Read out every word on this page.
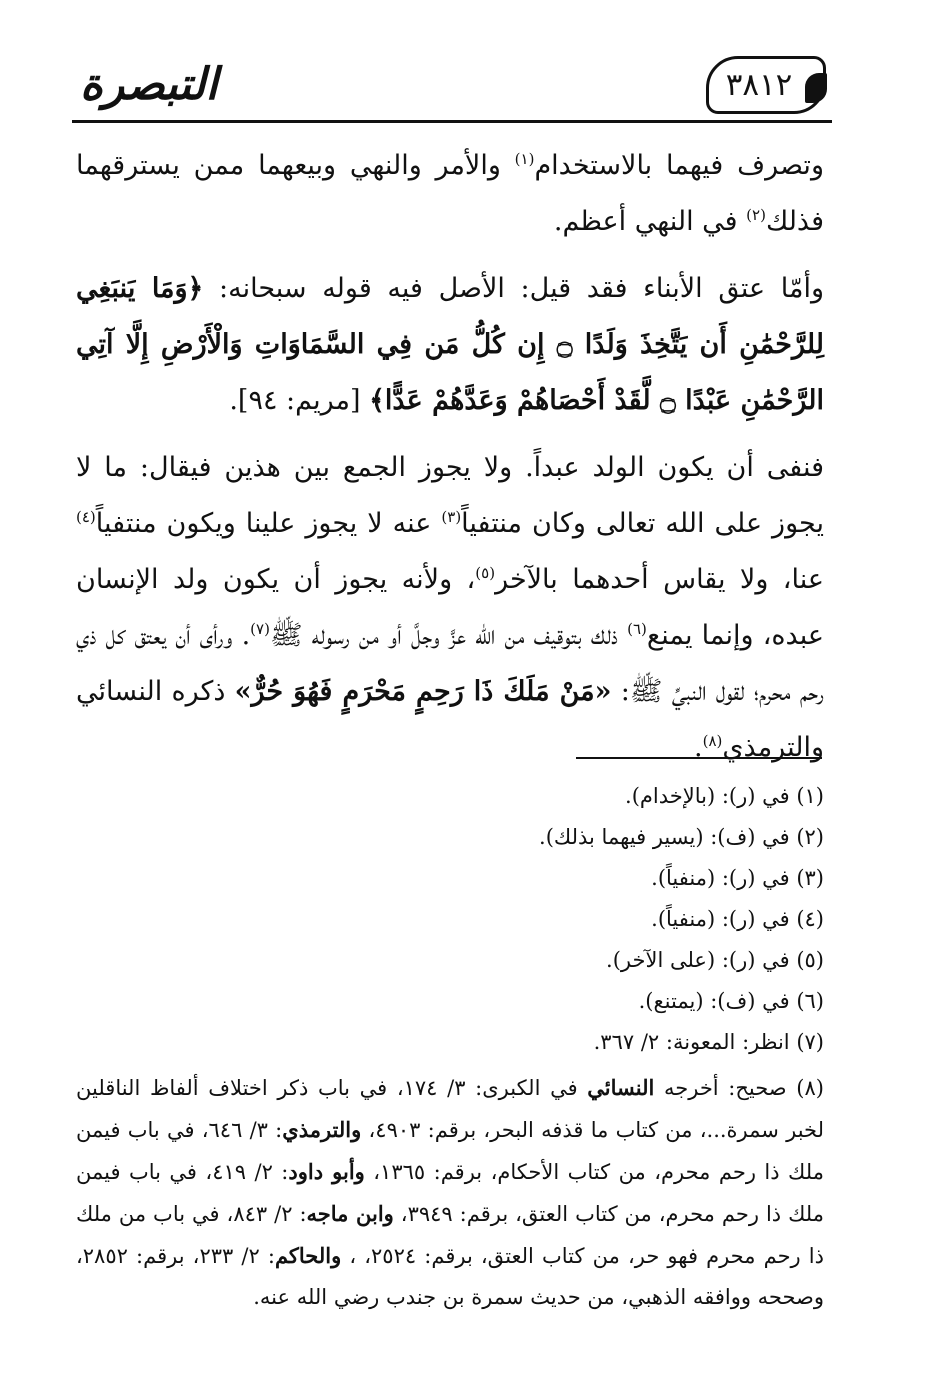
التبصرة	٣٨١٢

وتصرف فيهما بالاستخدام$^{(١)}$ والأمر والنهي وبيعهما ممن يسترقهما فذلك$^{(٢)}$ في النهي أعظم.

وأمّا عتق الأبناء فقد قيل: الأصل فيه قوله سبحانه: ﴿وَمَا يَنبَغِي لِلرَّحْمَٰنِ أَن يَتَّخِذَ وَلَدًا ۝ إِن كُلُّ مَن فِي السَّمَاوَاتِ وَالْأَرْضِ إِلَّا آتِي الرَّحْمَٰنِ عَبْدًا ۝ لَّقَدْ أَحْصَاهُمْ وَعَدَّهُمْ عَدًّا﴾ [مريم: ٩٤].

فنفى أن يكون الولد عبداً. ولا يجوز الجمع بين هذين فيقال: ما لا يجوز على الله تعالى وكان منتفياً$^{(٣)}$ عنه لا يجوز علينا ويكون منتفياً$^{(٤)}$ عنا، ولا يقاس أحدهما بالآخر$^{(٥)}$، ولأنه يجوز أن يكون ولد الإنسان عبده، وإنما يمنع$^{(٦)}$ ذلك بتوقيف من الله عزَّ وجلَّ أو من رسوله ﷺ$^{(٧)}$. ورأى أن يعتق كل ذي رحم محرم؛ لقول النبيِّ ﷺ: «مَنْ مَلَكَ ذَا رَحِمٍ مَحْرَمٍ فَهُوَ حُرٌّ» ذكره النسائي والترمذي$^{(٨)}$.

(١) في (ر): (بالإخدام).

(٢) في (ف): (يسير فيهما بذلك).

(٣) في (ر): (منفياً).

(٤) في (ر): (منفياً).

(٥) في (ر): (على الآخر).

(٦) في (ف): (يمتنع).

(٧) انظر: المعونة: ٢/ ٣٦٧.

(٨) صحيح: أخرجه النسائي في الكبرى: ٣/ ١٧٤، في باب ذكر اختلاف ألفاظ الناقلين لخبر سمرة...، من كتاب ما قذفه البحر، برقم: ٤٩٠٣، والترمذي: ٣/ ٦٤٦، في باب فيمن ملك ذا رحم محرم، من كتاب الأحكام، برقم: ١٣٦٥، وأبو داود: ٢/ ٤١٩، في باب فيمن ملك ذا رحم محرم، من كتاب العتق، برقم: ٣٩٤٩، وابن ماجه: ٢/ ٨٤٣، في باب من ملك ذا رحم محرم فهو حر، من كتاب العتق، برقم: ٢٥٢٤، ، والحاكم: ٢/ ٢٣٣، برقم: ٢٨٥٢، وصححه ووافقه الذهبي، من حديث سمرة بن جندب رضي الله عنه.
